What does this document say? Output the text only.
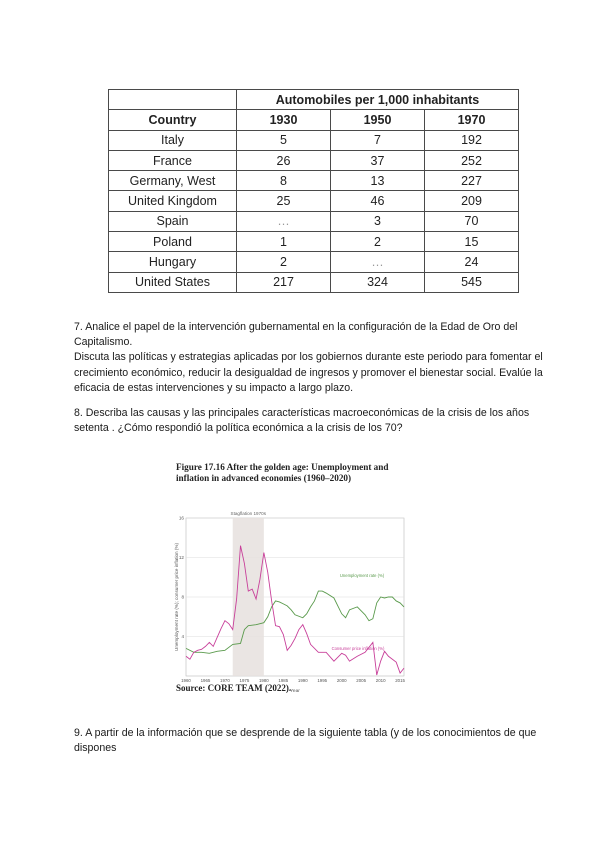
	Automobiles per 1,000 inhabitants		
Country	1930	1950	1970
Italy	5	7	192
France	26	37	252
Germany, West	8	13	227
United Kingdom	25	46	209
Spain	…	3	70
Poland	1	2	15
Hungary	2	…	24
United States	217	324	545

7. Analice el papel de la intervención gubernamental en la configuración de la Edad de Oro del Capitalismo.

Discuta las políticas y estrategias aplicadas por los gobiernos durante este periodo para fomentar el crecimiento económico, reducir la desigualdad de ingresos y promover el bienestar social. Evalúe la eficacia de estas intervenciones y su impacto a largo plazo.

8. Describa las causas y las principales características macroeconómicas de la crisis de los años setenta . ¿Cómo respondió la política económica a la crisis de los 70?

Figure 17.16 After the golden age: Unemployment and inflation in advanced economies (1960–2020)

Stagflation 1970s
4
8
12
16
1960 1965 1970 1975 1980 1985 1990 1995 2000 2005 2010 2015
Unemployment rate (%)
Consumer price inflation (%)
Unemployment rate (%); consumer price inflation (%)
Year

Source: CORE TEAM (2022).

9. A partir de la información que se desprende de la siguiente tabla (y de los conocimientos de que dispones
